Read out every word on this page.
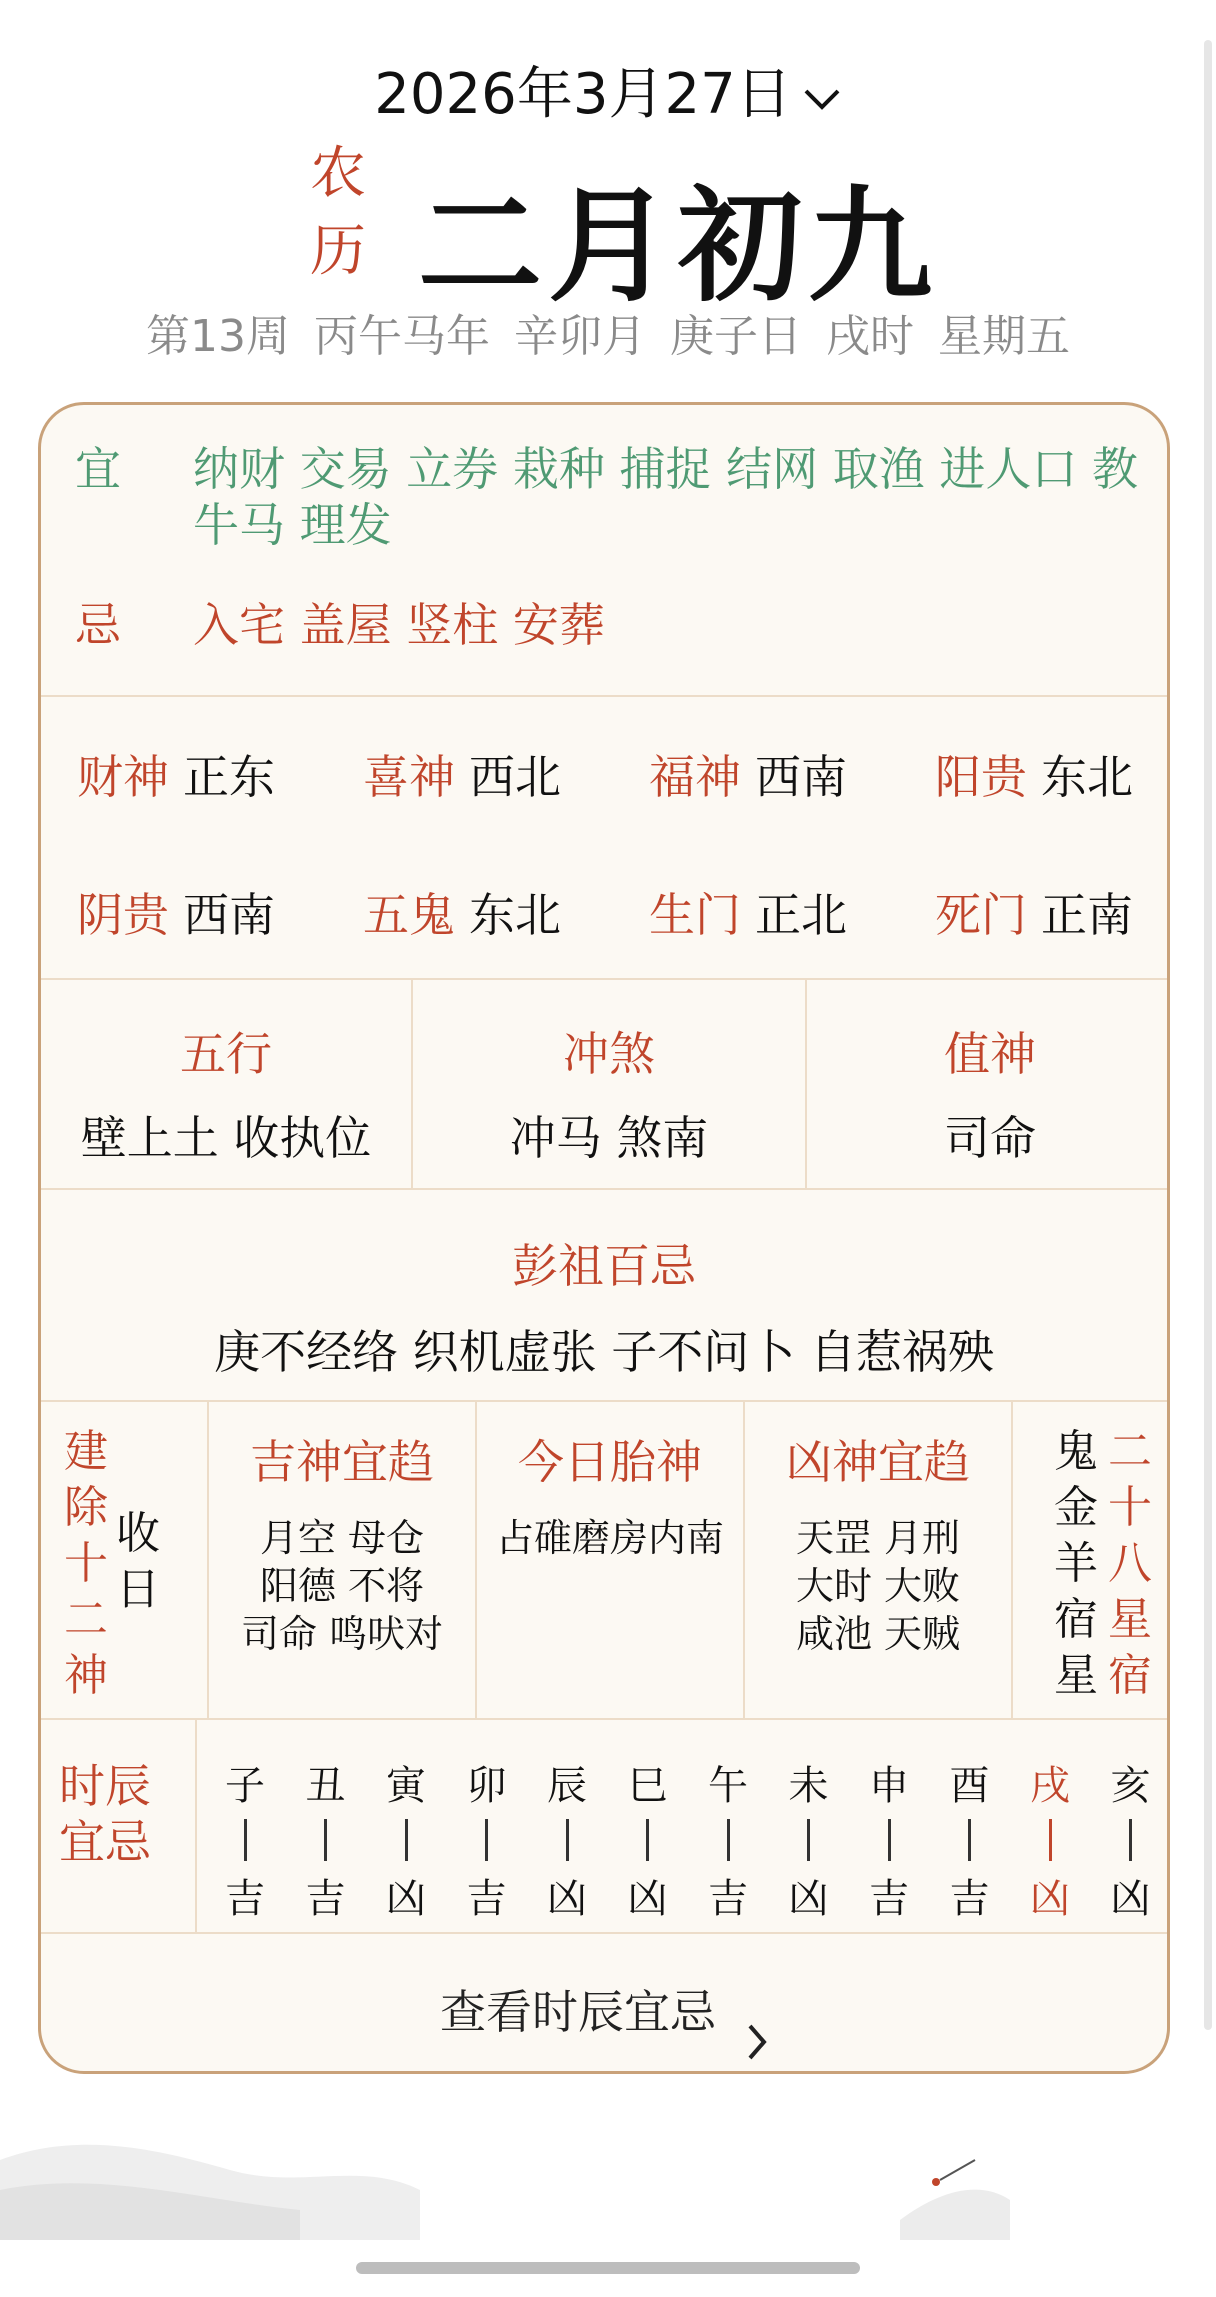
2026年3月27日
农
历 二月初九
第13周 丙午马年 辛卯月 庚子日 戌时 星期五
宜	纳财 交易 立券 栽种 捕捉 结网 取渔 进人口 教牛马 理发
忌	入宅 盖屋 竖柱 安葬
财神 正东 喜神 西北 福神 西南 阳贵 东北
阴贵 西南 五鬼 东北 生门 正北 死门 正南
五行
壁上土 收执位
冲煞
冲马 煞南
值神
司命
彭祖百忌
庚不经络 织机虚张 子不问卜 自惹祸殃
建除十二神
收日
吉神宜趋
月空 母仓
阳德 不将
司命 鸣吠对
今日胎神
占碓磨房内南
凶神宜趋
天罡 月刑
大时 大败
咸池 天贼
鬼金羊宿星
二十八星宿
时辰宜忌
子
吉
丑
吉
寅
凶
卯
吉
辰
凶
巳
凶
午
吉
未
凶
申
吉
酉
吉
戌
凶
亥
凶
查看时辰宜忌
